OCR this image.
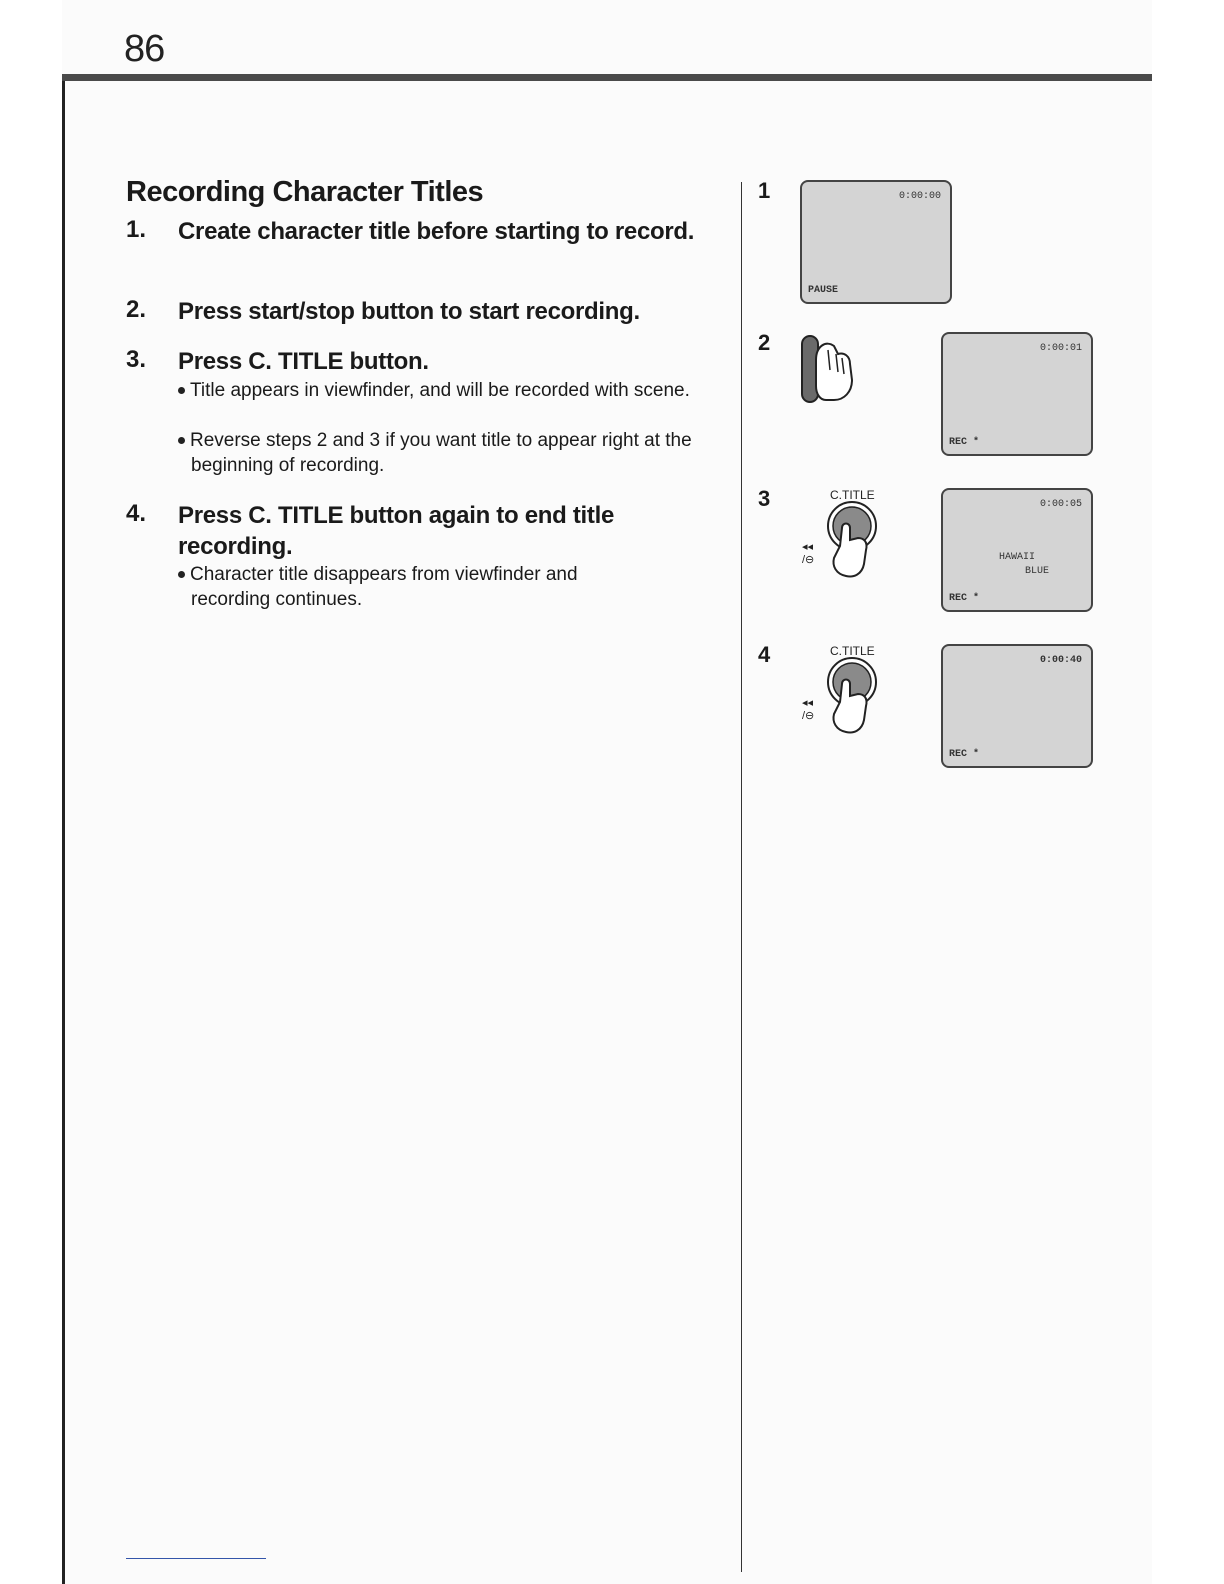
86
Recording Character Titles
1. Create character title before starting to record.
2. Press start/stop button to start recording.
3. Press C. TITLE button.
Title appears in viewfinder, and will be recorded with scene.
Reverse steps 2 and 3 if you want title to appear right at the beginning of recording.
4. Press C. TITLE button again to end title recording.
Character title disappears from viewfinder and recording continues.
1	0:00:00
PAUSE
2	0:00:01
REC *
3	C.TITLE
◂◂
/⊖
0:00:05
HAWAII
BLUE
REC *
4	C.TITLE
◂◂
/⊖
0:00:40
REC *
